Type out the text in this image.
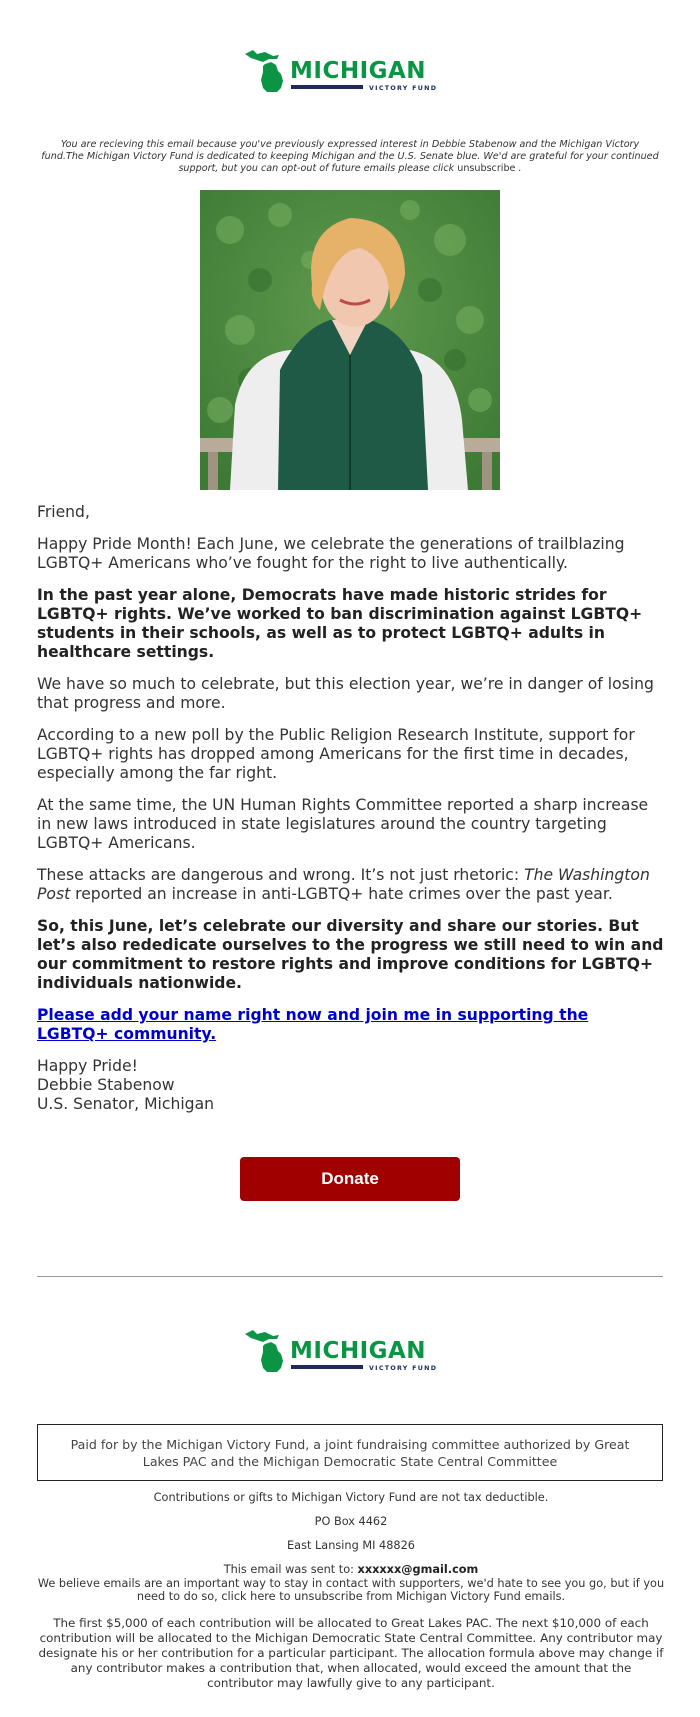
MICHIGAN
VICTORY FUND
You are recieving this email because you've previously expressed interest in Debbie Stabenow and the Michigan Victory fund.The Michigan Victory Fund is dedicated to keeping Michigan and the U.S. Senate blue. We'd are grateful for your continued support, but you can opt-out of future emails please click unsubscribe .

Friend,

Happy Pride Month! Each June, we celebrate the generations of trailblazing LGBTQ+ Americans who’ve fought for the right to live authentically.

In the past year alone, Democrats have made historic strides for LGBTQ+ rights. We’ve worked to ban discrimination against LGBTQ+ students in their schools, as well as to protect LGBTQ+ adults in healthcare settings.

We have so much to celebrate, but this election year, we’re in danger of losing that progress and more.

According to a new poll by the Public Religion Research Institute, support for LGBTQ+ rights has dropped among Americans for the first time in decades, especially among the far right.

At the same time, the UN Human Rights Committee reported a sharp increase in new laws introduced in state legislatures around the country targeting LGBTQ+ Americans.

These attacks are dangerous and wrong. It’s not just rhetoric: The Washington Post reported an increase in anti-LGBTQ+ hate crimes over the past year.

So, this June, let’s celebrate our diversity and share our stories. But let’s also rededicate ourselves to the progress we still need to win and our commitment to restore rights and improve conditions for LGBTQ+ individuals nationwide.

Please add your name right now and join me in supporting the LGBTQ+ community.

Happy Pride!
Debbie Stabenow
U.S. Senator, Michigan
Donate
MICHIGAN
VICTORY FUND
Paid for by the Michigan Victory Fund, a joint fundraising committee authorized by Great Lakes PAC and the Michigan Democratic State Central Committee
Contributions or gifts to Michigan Victory Fund are not tax deductible.
PO Box 4462
East Lansing MI 48826
This email was sent to: xxxxxx@gmail.com
We believe emails are an important way to stay in contact with supporters, we'd hate to see you go, but if you need to do so, click here to unsubscribe from Michigan Victory Fund emails.
The first $5,000 of each contribution will be allocated to Great Lakes PAC. The next $10,000 of each contribution will be allocated to the Michigan Democratic State Central Committee. Any contributor may designate his or her contribution for a particular participant. The allocation formula above may change if any contributor makes a contribution that, when allocated, would exceed the amount that the contributor may lawfully give to any participant.
